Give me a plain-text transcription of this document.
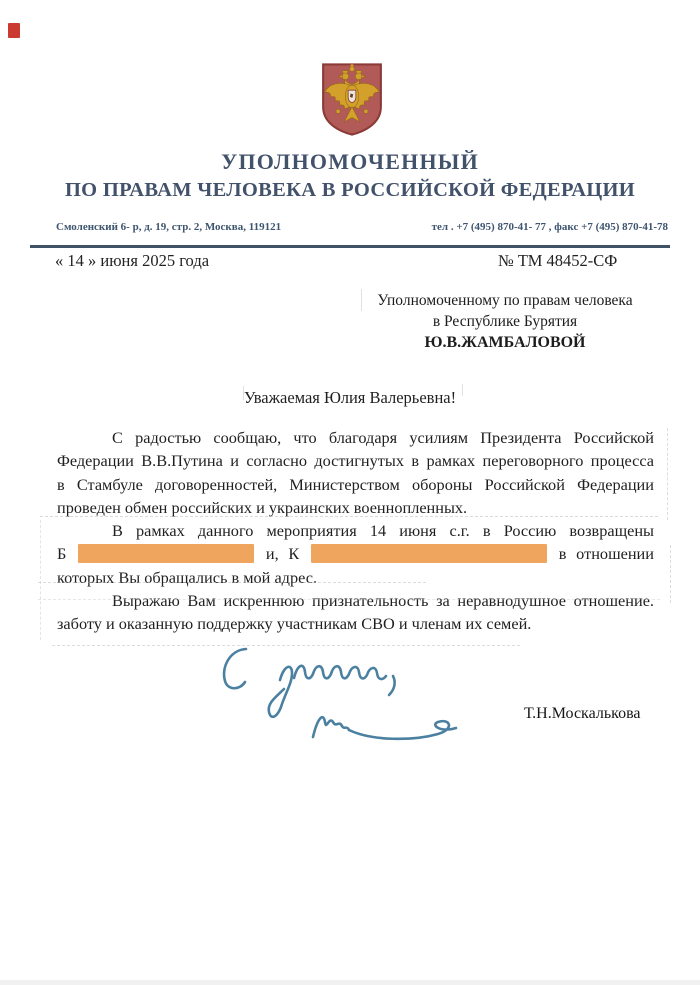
УПОЛНОМОЧЕННЫЙ
ПО ПРАВАМ ЧЕЛОВЕКА В РОССИЙСКОЙ ФЕДЕРАЦИИ
Смоленский 6- р, д. 19, стр. 2, Москва, 119121	тел . +7 (495) 870-41- 77 , факс +7 (495) 870-41-78
« 14 » июня 2025 года	№ ТМ 48452-СФ
Уполномоченному по правам человека
в Республике Бурятия
Ю.В.ЖАМБАЛОВОЙ
Уважаемая Юлия Валерьевна!
С радостью сообщаю, что благодаря усилиям Президента Российской
Федерации В.В.Путина и согласно достигнутых в рамках переговорного процесса
в Стамбуле договоренностей, Министерством обороны Российской Федерации
проведен обмен российских и украинских военнопленных.
В рамках данного мероприятия 14 июня с.г. в Россию возвращены
Б	и, К	в отношении
которых Вы обращались в мой адрес.
Выражаю Вам искреннюю признательность за неравнодушное отношение.
заботу и оказанную поддержку участникам СВО и членам их семей.
Т.Н.Москалькова
